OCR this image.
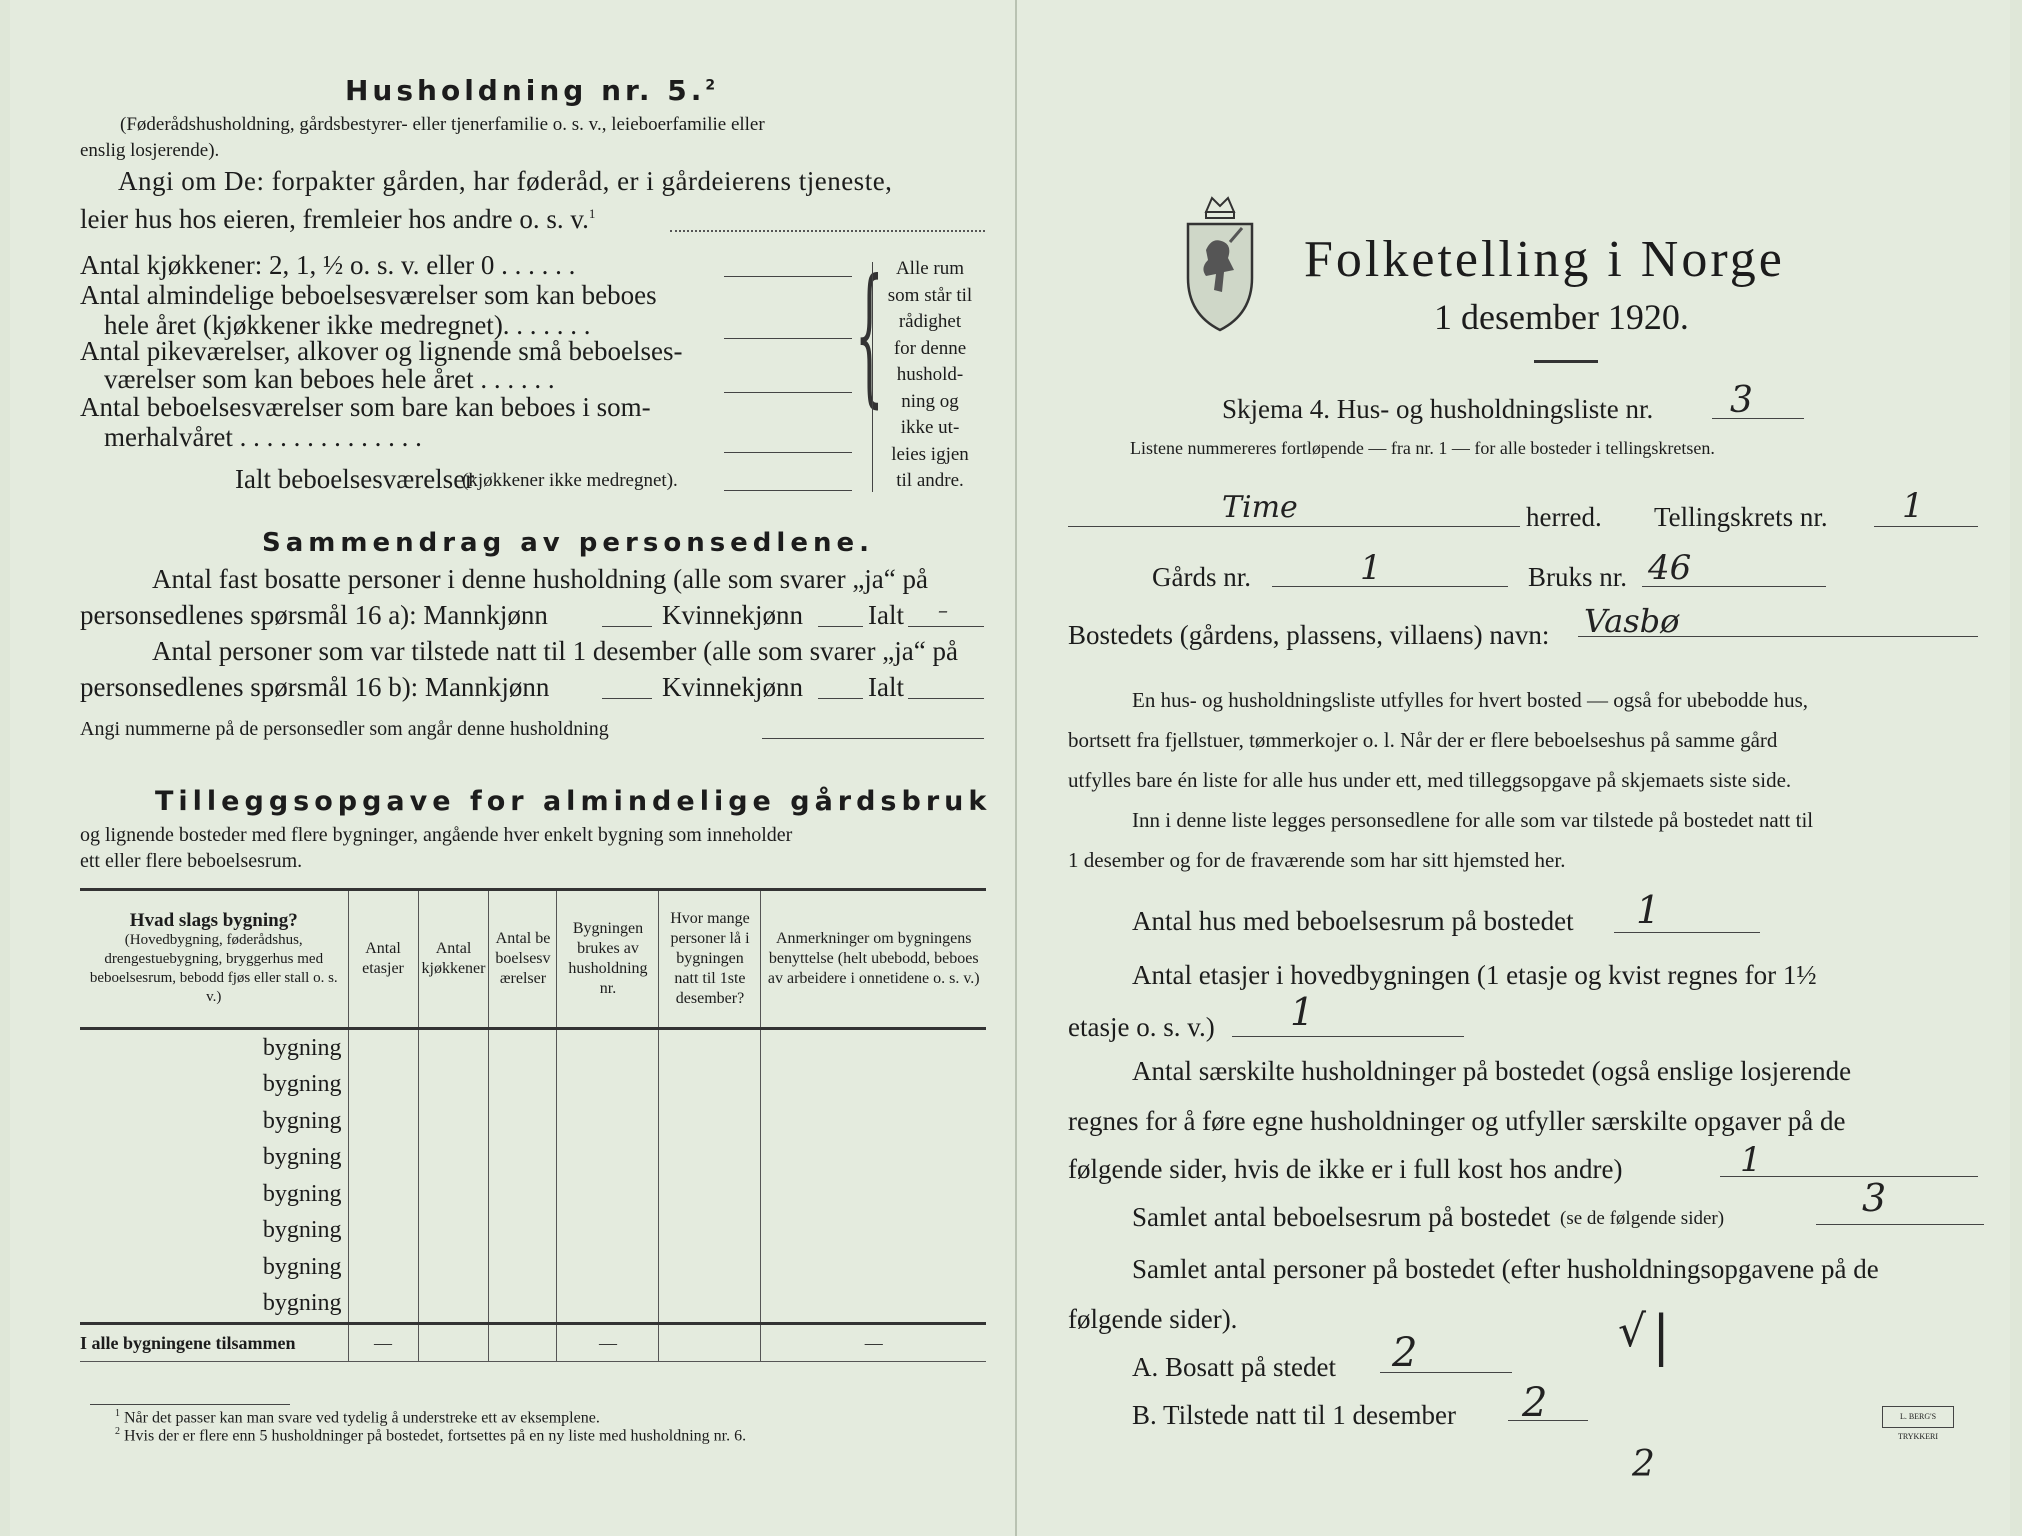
Husholdning nr. 5.$^2$
(Føderådshusholdning, gårdsbestyrer- eller tjenerfamilie o. s. v., leieboerfamilie eller
enslig losjerende).
Angi om De: forpakter gården, har føderåd, er i gårdeierens tjeneste,
leier hus hos eieren, fremleier hos andre o. s. v.$^1$
Antal kjøkkener: 2, 1, ½ o. s. v. eller 0 . . . . . .
Antal almindelige beboelsesværelser som kan beboes
hele året (kjøkkener ikke medregnet). . . . . . .
Antal pikeværelser, alkover og lignende små beboelses-
værelser som kan beboes hele året . . . . . .
Antal beboelsesværelser som bare kan beboes i som-
merhalvåret . . . . . . . . . . . . . .
Ialt beboelsesværelser
(kjøkkener ikke medregnet).
{ Alle rum
som står til
rådighet
for denne
hushold-
ning og
ikke ut-
leies igjen
til andre.
Sammendrag av personsedlene.
Antal fast bosatte personer i denne husholdning (alle som svarer „ja“ på
personsedlenes spørsmål 16 a): Mannkjønn	Kvinnekjønn Ialt –
Antal personer som var tilstede natt til 1 desember (alle som svarer „ja“ på
personsedlenes spørsmål 16 b): Mannkjønn	Kvinnekjønn Ialt
Angi nummerne på de personsedler som angår denne husholdning
Tilleggsopgave for almindelige gårdsbruk
og lignende bosteder med flere bygninger, angående hver enkelt bygning som inneholder
ett eller flere beboelsesrum.
Hvad slags bygning?
(Hovedbygning, føderådshus, drengestuebygning, bryggerhus med beboelsesrum, bebodd fjøs eller stall o. s. v.)	Antal etasjer	Antal kjøkkener	Antal beboelsesværelser	Bygningen brukes av husholdning nr.	Hvor mange personer lå i bygningen natt til 1ste desember?	Anmerkninger om bygningens benyttelse (helt ubebodd, beboes av arbeidere i onnetidene o. s. v.)
bygning						
bygning						
bygning						
bygning						
bygning						
bygning						
bygning						
bygning						
I alle bygningene tilsammen	—			—		—
$^1$ Når det passer kan man svare ved tydelig å understreke ett av eksemplene.
$^2$ Hvis der er flere enn 5 husholdninger på bostedet, fortsettes på en ny liste med husholdning nr. 6.
Folketelling i Norge
1 desember 1920.
Skjema 4. Hus- og husholdningsliste nr. 3
Listene nummereres fortløpende — fra nr. 1 — for alle bosteder i tellingskretsen.
Time	herred. Tellingskrets nr. 1
Gårds nr.	1	Bruks nr. 46
Bostedets (gårdens, plassens, villaens) navn: Vasbø
En hus- og husholdningsliste utfylles for hvert bosted — også for ubebodde hus,
bortsett fra fjellstuer, tømmerkojer o. l. Når der er flere beboelseshus på samme gård
utfylles bare én liste for alle hus under ett, med tilleggsopgave på skjemaets siste side.
Inn i denne liste legges personsedlene for alle som var tilstede på bostedet natt til
1 desember og for de fraværende som har sitt hjemsted her.
Antal hus med beboelsesrum på bostedet 1
Antal etasjer i hovedbygningen (1 etasje og kvist regnes for 1½
etasje o. s. v.) 1
Antal særskilte husholdninger på bostedet (også enslige losjerende
regnes for å føre egne husholdninger og utfyller særskilte opgaver på de
følgende sider, hvis de ikke er i full kost hos andre)	1
Samlet antal beboelsesrum på bostedet (se de følgende sider)	3
Samlet antal personer på bostedet (efter husholdningsopgavene på de
følgende sider).
A. Bosatt på stedet 2	√ |
B. Tilstede natt til 1 desember 2
2
L. BERG'S TRYKKERI
